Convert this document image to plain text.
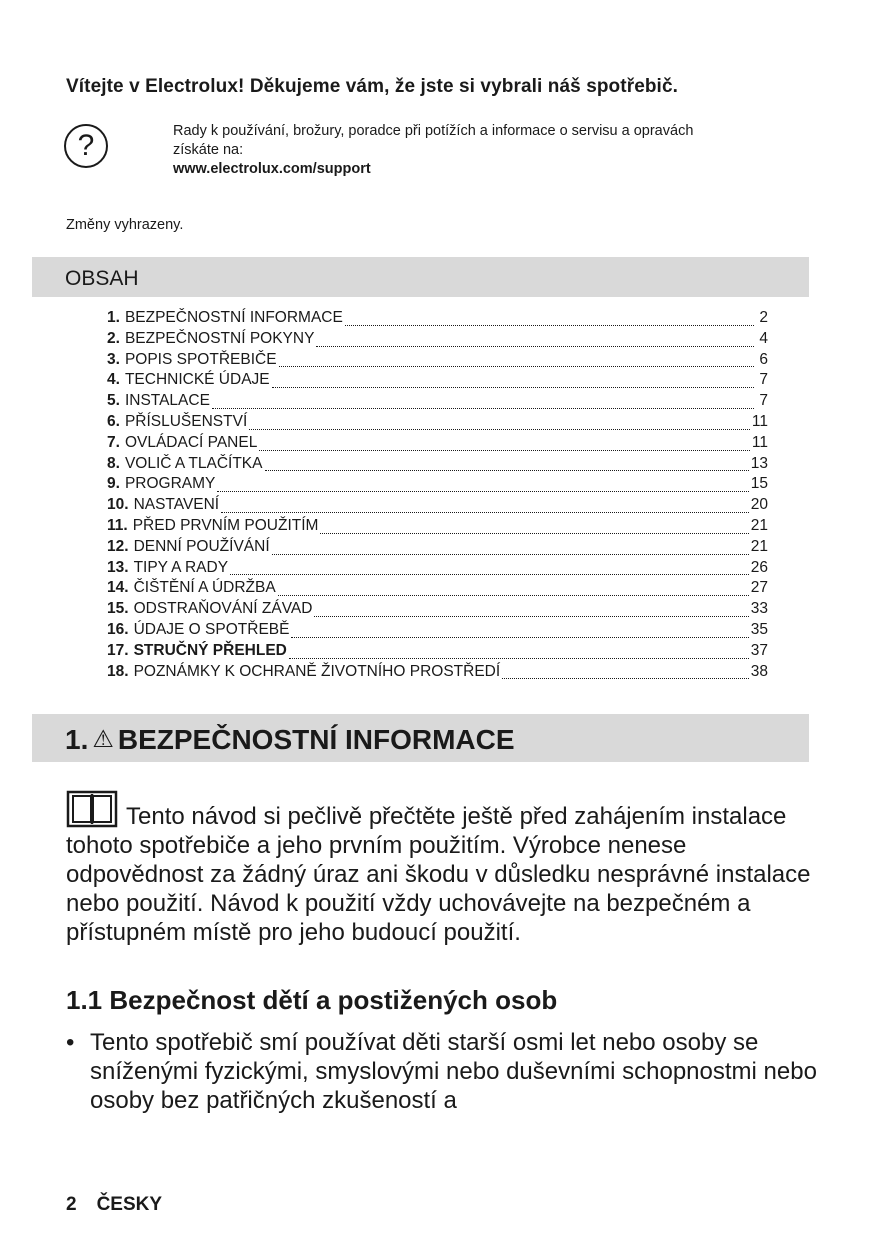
Vítejte v Electrolux! Děkujeme vám, že jste si vybrali náš spotřebič.
?	Rady k používání, brožury, poradce při potížích a informace o servisu a opravách
získáte na:
www.electrolux.com/support
Změny vyhrazeny.
OBSAH
1. BEZPEČNOSTNÍ INFORMACE	2
2. BEZPEČNOSTNÍ POKYNY	4
3. POPIS SPOTŘEBIČE	6
4. TECHNICKÉ ÚDAJE	7
5. INSTALACE	7
6. PŘÍSLUŠENSTVÍ	11
7. OVLÁDACÍ PANEL	11
8. VOLIČ A TLAČÍTKA	13
9. PROGRAMY	15
10. NASTAVENÍ	20
11. PŘED PRVNÍM POUŽITÍM	21
12. DENNÍ POUŽÍVÁNÍ	21
13. TIPY A RADY	26
14. ČIŠTĚNÍ A ÚDRŽBA	27
15. ODSTRAŇOVÁNÍ ZÁVAD	33
16. ÚDAJE O SPOTŘEBĚ	35
17. STRUČNÝ PŘEHLED	37
18. POZNÁMKY K OCHRANĚ ŽIVOTNÍHO PROSTŘEDÍ	38
1. ⚠ BEZPEČNOSTNÍ INFORMACE
Tento návod si pečlivě přečtěte ještě před zahájením instalace tohoto spotřebiče a jeho prvním použitím. Výrobce nenese odpovědnost za žádný úraz ani škodu v důsledku nesprávné instalace nebo použití. Návod k použití vždy uchovávejte na bezpečném a přístupném místě pro jeho budoucí použití.
1.1 Bezpečnost dětí a postižených osob
• Tento spotřebič smí používat děti starší osmi let nebo osoby se sníženými fyzickými, smyslovými nebo duševními schopnostmi nebo osoby bez patřičných zkušeností a
2 ČESKY
